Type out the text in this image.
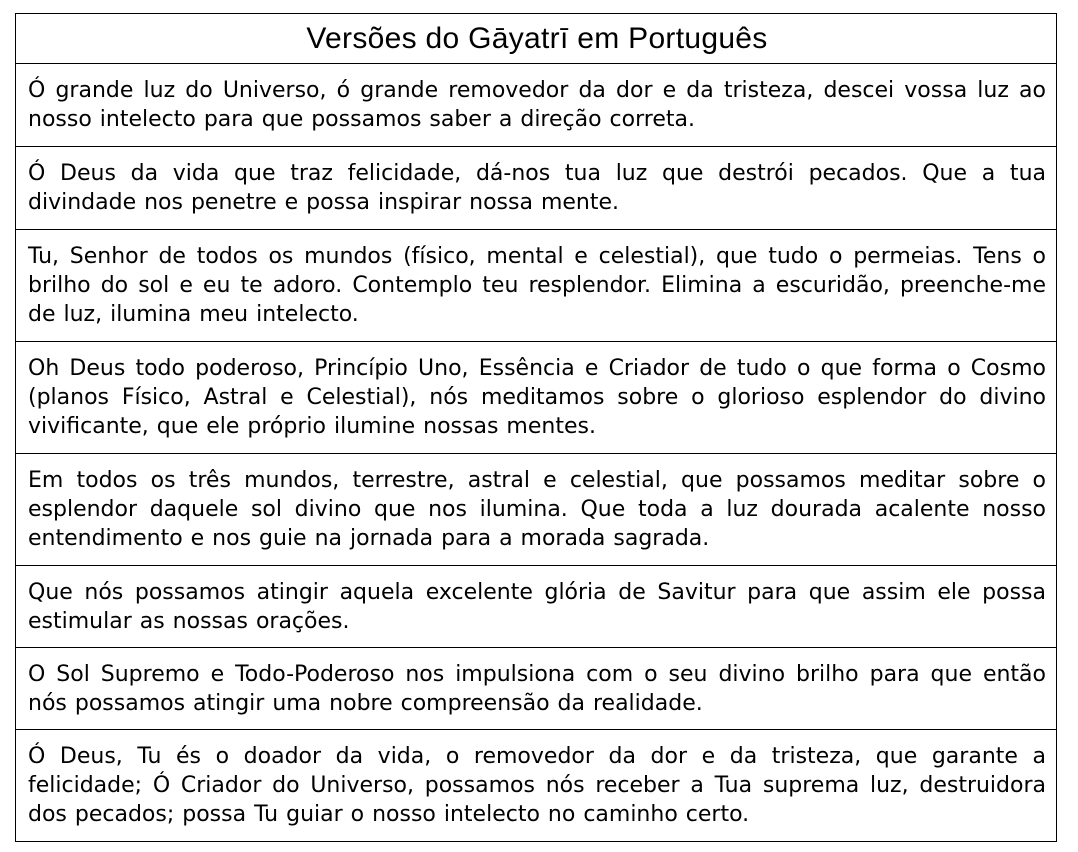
Versões do Gāyatrī em Português
Ó grande luz do Universo, ó grande removedor da dor e da tristeza, descei vossa luz ao nosso intelecto para que possamos saber a direção correta.
Ó Deus da vida que traz felicidade, dá-nos tua luz que destrói pecados. Que a tua divindade nos penetre e possa inspirar nossa mente.
Tu, Senhor de todos os mundos (físico, mental e celestial), que tudo o permeias. Tens o brilho do sol e eu te adoro. Contemplo teu resplendor. Elimina a escuridão, preenche-me de luz, ilumina meu intelecto.
Oh Deus todo poderoso, Princípio Uno, Essência e Criador de tudo o que forma o Cosmo (planos Físico, Astral e Celestial), nós meditamos sobre o glorioso esplendor do divino vivificante, que ele próprio ilumine nossas mentes.
Em todos os três mundos, terrestre, astral e celestial, que possamos meditar sobre o esplendor daquele sol divino que nos ilumina. Que toda a luz dourada acalente nosso entendimento e nos guie na jornada para a morada sagrada.
Que nós possamos atingir aquela excelente glória de Savitur para que assim ele possa estimular as nossas orações.
O Sol Supremo e Todo-Poderoso nos impulsiona com o seu divino brilho para que então nós possamos atingir uma nobre compreensão da realidade.
Ó Deus, Tu és o doador da vida, o removedor da dor e da tristeza, que garante a felicidade; Ó Criador do Universo, possamos nós receber a Tua suprema luz, destruidora dos pecados; possa Tu guiar o nosso intelecto no caminho certo.
